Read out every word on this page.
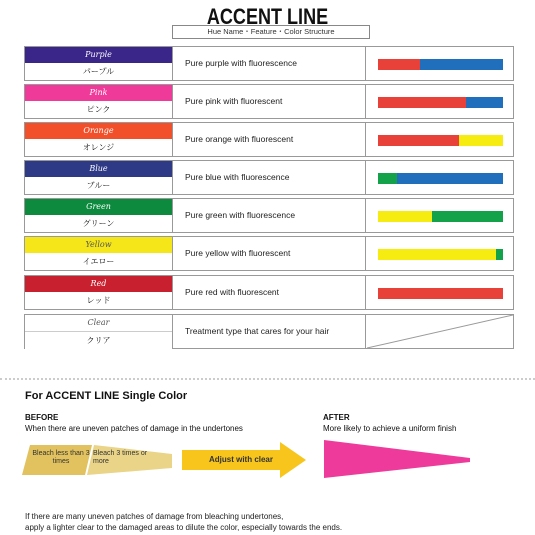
ACCENT LINE
Hue Name・Feature・Color Structure
Purple
パープル
Pure purple with fluorescence
Pink
ピンク
Pure pink with fluorescent
Orange
オレンジ
Pure orange with fluorescent
Blue
ブルー
Pure blue with fluorescence
Green
グリーン
Pure green with fluorescence
Yellow
イエロー
Pure yellow with fluorescent
Red
レッド
Pure red with fluorescent
Clear
クリア
Treatment type that cares for your hair
For ACCENT LINE Single Color
BEFORE
When there are uneven patches of damage in the undertones
AFTER
More likely to achieve a uniform finish
Bleach less than 3 times
Bleach 3 times or more	Adjust with clear
If there are many uneven patches of damage from bleaching undertones,
apply a lighter clear to the damaged areas to dilute the color, especially towards the ends.
